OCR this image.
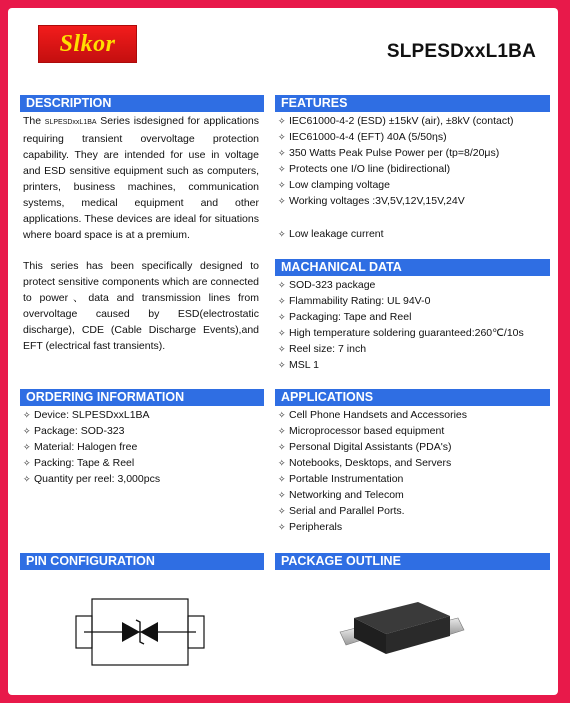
Slkor	SLPESDxxL1BA
DESCRIPTION

The SLPESDxxL1BA Series isdesigned for applications requiring transient overvoltage protection capability. They are intended for use in voltage and ESD sensitive equipment such as computers, printers, business machines, communication systems, medical equipment and other applications. These devices are ideal for situations where board space is at a premium.

This series has been specifically designed to protect sensitive components which are connected to power、data and transmission lines from overvoltage caused by ESD(electrostatic discharge), CDE (Cable Discharge Events),and EFT (electrical fast transients).

FEATURES
✧ IEC61000-4-2 (ESD) ±15kV (air), ±8kV (contact)
✧ IEC61000-4-4 (EFT) 40A (5/50ηs)
✧ 350 Watts Peak Pulse Power per (tp=8/20μs)
✧ Protects one I/O line (bidirectional)
✧ Low clamping voltage
✧ Working voltages :3V,5V,12V,15V,24V
✧ Low leakage current
MACHANICAL DATA
✧ SOD-323 package
✧ Flammability Rating: UL 94V-0
✧ Packaging: Tape and Reel
✧ High temperature soldering guaranteed:260℃/10s
✧ Reel size: 7 inch
✧ MSL 1
ORDERING INFORMATION
✧ Device: SLPESDxxL1BA
✧ Package: SOD-323
✧ Material: Halogen free
✧ Packing: Tape & Reel
✧ Quantity per reel: 3,000pcs
APPLICATIONS
✧ Cell Phone Handsets and Accessories
✧ Microprocessor based equipment
✧ Personal Digital Assistants (PDA's)
✧ Notebooks, Desktops, and Servers
✧ Portable Instrumentation
✧ Networking and Telecom
✧ Serial and Parallel Ports.
✧ Peripherals
PIN CONFIGURATION	PACKAGE OUTLINE
